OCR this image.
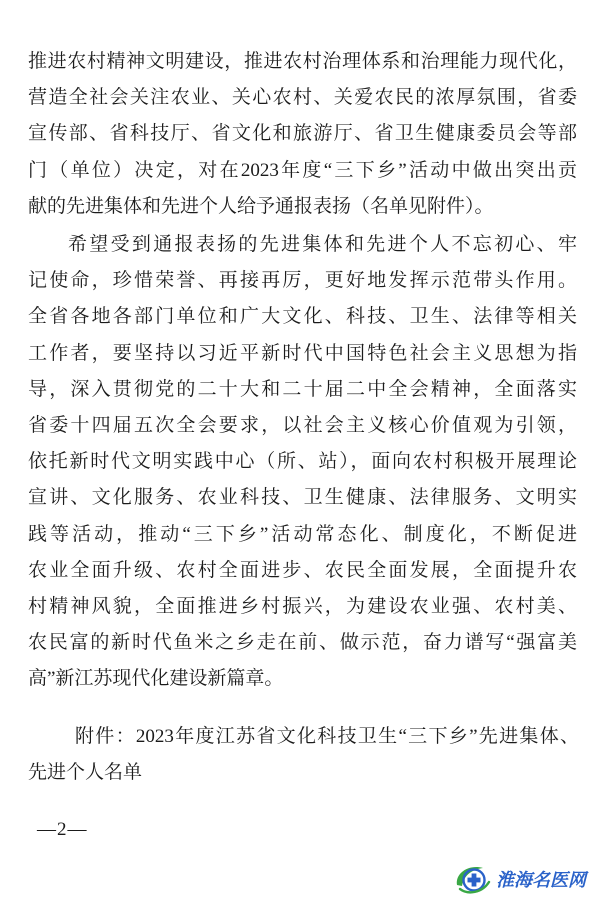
推进农村精神文明建设，推进农村治理体系和治理能力现代化，
营造全社会关注农业、关心农村、关爱农民的浓厚氛围，省委
宣传部、省科技厅、省文化和旅游厅、省卫生健康委员会等部
门（单位）决定，对在2023年度“三下乡”活动中做出突出贡
献的先进集体和先进个人给予通报表扬（名单见附件）。
希望受到通报表扬的先进集体和先进个人不忘初心、牢
记使命，珍惜荣誉、再接再厉，更好地发挥示范带头作用。
全省各地各部门单位和广大文化、科技、卫生、法律等相关
工作者，要坚持以习近平新时代中国特色社会主义思想为指
导，深入贯彻党的二十大和二十届二中全会精神，全面落实
省委十四届五次全会要求，以社会主义核心价值观为引领，
依托新时代文明实践中心（所、站），面向农村积极开展理论
宣讲、文化服务、农业科技、卫生健康、法律服务、文明实
践等活动，推动“三下乡”活动常态化、制度化，不断促进
农业全面升级、农村全面进步、农民全面发展，全面提升农
村精神风貌，全面推进乡村振兴，为建设农业强、农村美、
农民富的新时代鱼米之乡走在前、做示范，奋力谱写“强富美
高”新江苏现代化建设新篇章。
附件：2023年度江苏省文化科技卫生“三下乡”先进集体、
先进个人名单
—2—
淮海名医网
